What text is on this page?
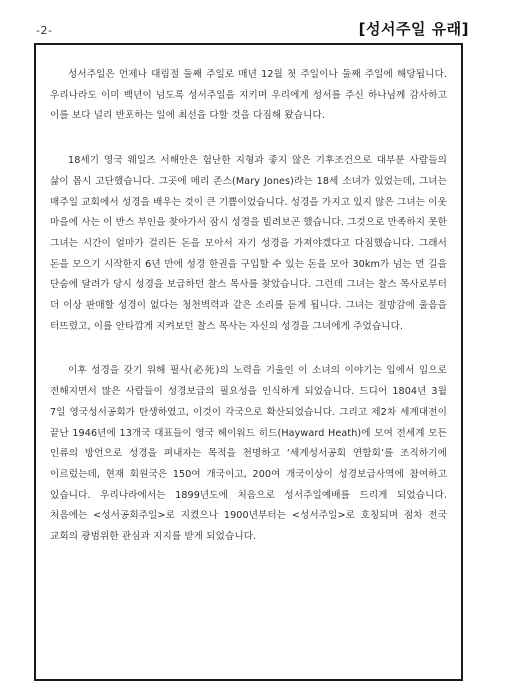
-2-	[성서주일 유래]

성서주일은 언제나 대림절 둘째 주일로 매년 12월 첫 주일이나 둘째 주일에 해당됩니다. 우리나라도 이미 백년이 넘도록 성서주일을 지키며 우리에게 성서를 주신 하나님께 감사하고 이를 보다 널리 반포하는 일에 최선을 다할 것을 다짐해 왔습니다.

18세기 영국 웨일즈 서해안은 험난한 지형과 좋지 않은 기후조건으로 대부분 사람들의 삶이 몹시 고단했습니다. 그곳에 메리 존스(Mary Jones)라는 18세 소녀가 있었는데, 그녀는 매주일 교회에서 성경을 배우는 것이 큰 기쁨이었습니다. 성경을 가지고 있지 않은 그녀는 이웃 마을에 사는 이 반스 부인을 찾아가서 잠시 성경을 빌려보곤 했습니다. 그것으로 만족하지 못한 그녀는 시간이 얼마가 걸리든 돈을 모아서 자기 성경을 가져야겠다고 다짐했습니다. 그래서 돈을 모으기 시작한지 6년 만에 성경 한권을 구입할 수 있는 돈을 모아 30km가 넘는 먼 길을 단숨에 달려가 당시 성경을 보급하던 찰스 목사를 찾았습니다. 그런데 그녀는 찰스 목사로부터 더 이상 판매할 성경이 없다는 청천벽력과 같은 소리를 듣게 됩니다. 그녀는 절망감에 울음을 터뜨렸고, 이를 안타깝게 지켜보던 찰스 목사는 자신의 성경을 그녀에게 주었습니다.

이후 성경을 갖기 위해 필사(必死)의 노력을 기울인 이 소녀의 이야기는 입에서 입으로 전해지면서 많은 사람들이 성경보급의 필요성을 인식하게 되었습니다. 드디어 1804년 3월 7일 영국성서공회가 탄생하였고, 이것이 각국으로 확산되었습니다. 그리고 제2차 세계대전이 끝난 1946년에 13개국 대표들이 영국 헤이워드 히드(Hayward Heath)에 모여 전세계 모든 인류의 방언으로 성경을 펴내자는 목적을 천명하고 ‘세계성서공회 연합회’를 조직하기에 이르렀는데, 현재 회원국은 150여 개국이고, 200여 개국이상이 성경보급사역에 참여하고 있습니다. 우리나라에서는 1899년도에 처음으로 성서주일예배를 드리게 되었습니다. 처음에는 <성서공회주일>로 지켰으나 1900년부터는 <성서주일>로 호칭되며 점차 전국 교회의 광범위한 관심과 지지를 받게 되었습니다.
